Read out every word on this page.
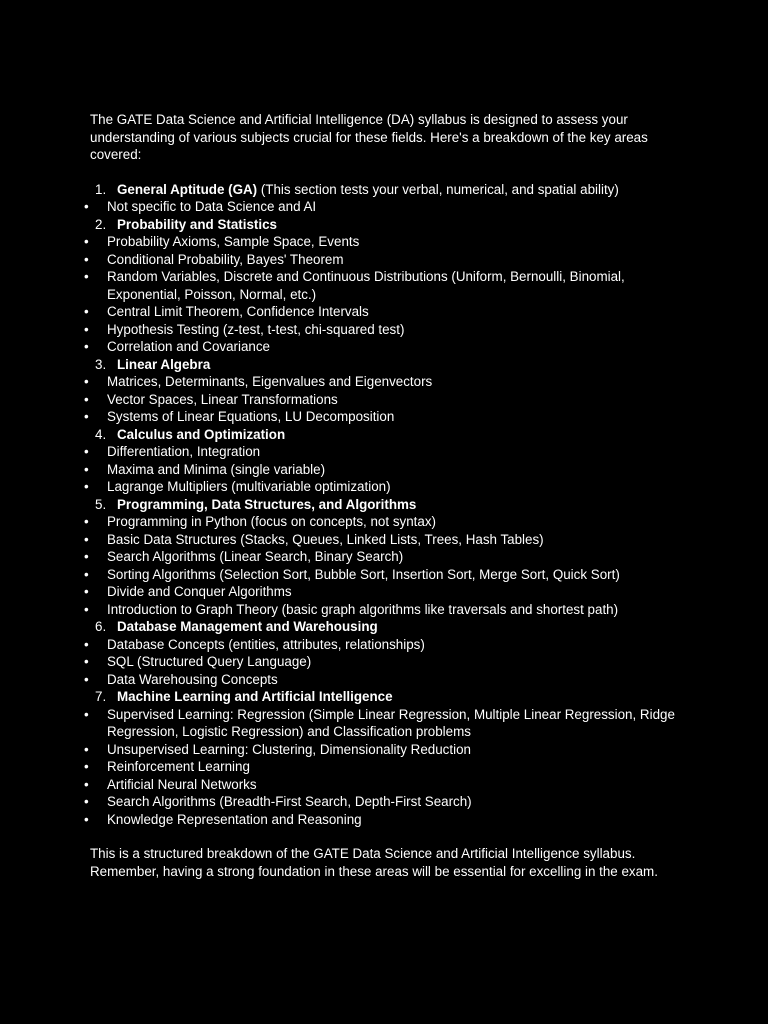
The GATE Data Science and Artificial Intelligence (DA) syllabus is designed to assess your understanding of various subjects crucial for these fields. Here's a breakdown of the key areas covered:

1. General Aptitude (GA) (This section tests your verbal, numerical, and spatial ability)
• Not specific to Data Science and AI
2. Probability and Statistics
• Probability Axioms, Sample Space, Events
• Conditional Probability, Bayes' Theorem
• Random Variables, Discrete and Continuous Distributions (Uniform, Bernoulli, Binomial, Exponential, Poisson, Normal, etc.)
• Central Limit Theorem, Confidence Intervals
• Hypothesis Testing (z-test, t-test, chi-squared test)
• Correlation and Covariance
3. Linear Algebra
• Matrices, Determinants, Eigenvalues and Eigenvectors
• Vector Spaces, Linear Transformations
• Systems of Linear Equations, LU Decomposition
4. Calculus and Optimization
• Differentiation, Integration
• Maxima and Minima (single variable)
• Lagrange Multipliers (multivariable optimization)
5. Programming, Data Structures, and Algorithms
• Programming in Python (focus on concepts, not syntax)
• Basic Data Structures (Stacks, Queues, Linked Lists, Trees, Hash Tables)
• Search Algorithms (Linear Search, Binary Search)
• Sorting Algorithms (Selection Sort, Bubble Sort, Insertion Sort, Merge Sort, Quick Sort)
• Divide and Conquer Algorithms
• Introduction to Graph Theory (basic graph algorithms like traversals and shortest path)
6. Database Management and Warehousing
• Database Concepts (entities, attributes, relationships)
• SQL (Structured Query Language)
• Data Warehousing Concepts
7. Machine Learning and Artificial Intelligence
• Supervised Learning: Regression (Simple Linear Regression, Multiple Linear Regression, Ridge Regression, Logistic Regression) and Classification problems
• Unsupervised Learning: Clustering, Dimensionality Reduction
• Reinforcement Learning
• Artificial Neural Networks
• Search Algorithms (Breadth-First Search, Depth-First Search)
• Knowledge Representation and Reasoning

This is a structured breakdown of the GATE Data Science and Artificial Intelligence syllabus. Remember, having a strong foundation in these areas will be essential for excelling in the exam.
